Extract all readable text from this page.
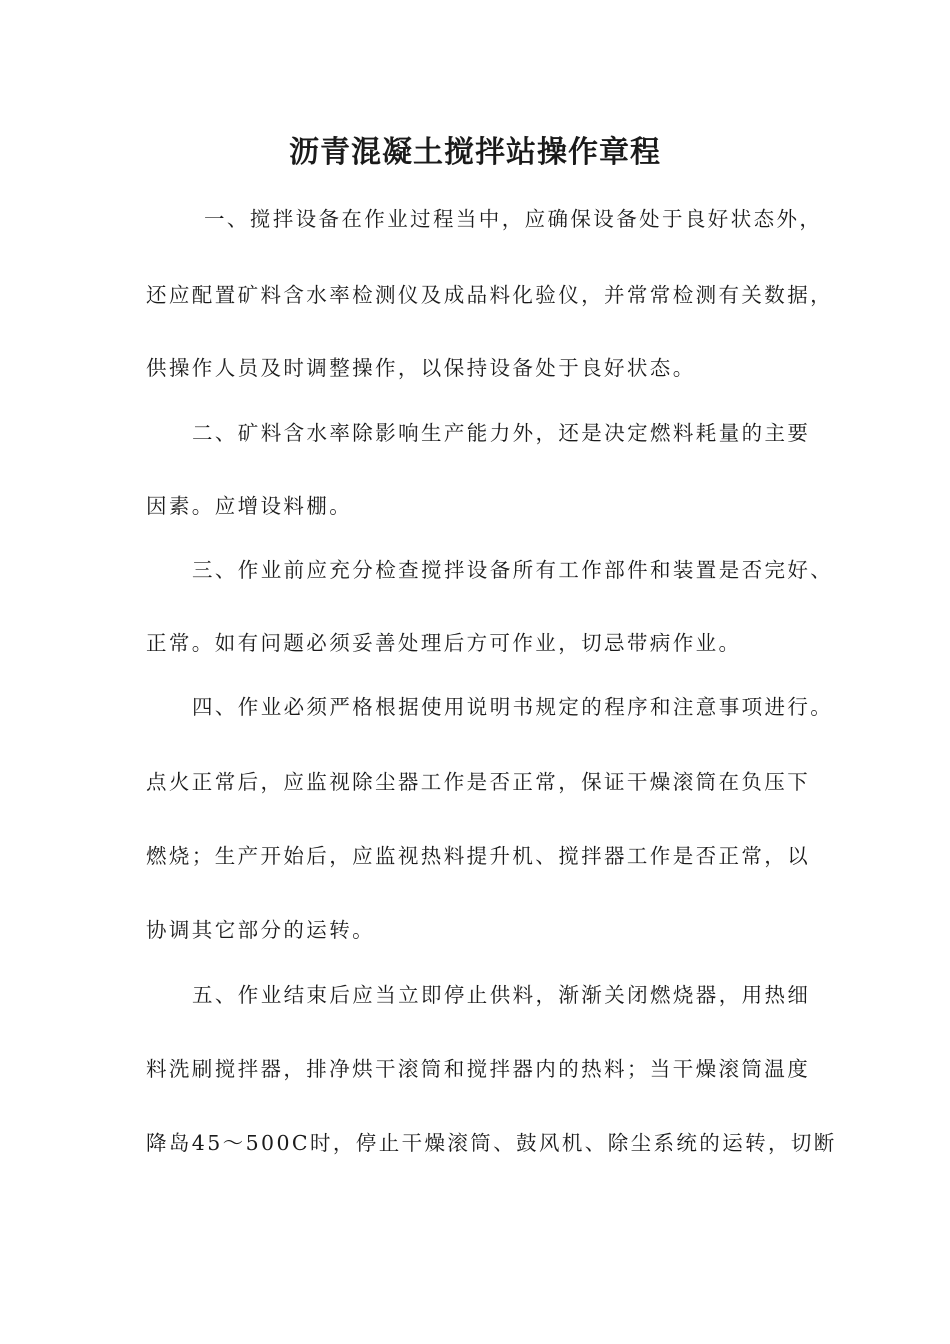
沥青混凝土搅拌站操作章程

一、搅拌设备在作业过程当中，应确保设备处于良好状态外，

还应配置矿料含水率检测仪及成品料化验仪，并常常检测有关数据，

供操作人员及时调整操作，以保持设备处于良好状态。

二、矿料含水率除影响生产能力外，还是决定燃料耗量的主要

因素。应增设料棚。

三、作业前应充分检查搅拌设备所有工作部件和装置是否完好、

正常。如有问题必须妥善处理后方可作业，切忌带病作业。

四、作业必须严格根据使用说明书规定的程序和注意事项进行。

点火正常后，应监视除尘器工作是否正常，保证干燥滚筒在负压下

燃烧；生产开始后，应监视热料提升机、搅拌器工作是否正常，以

协调其它部分的运转。

五、作业结束后应当立即停止供料，渐渐关闭燃烧器，用热细

料洗刷搅拌器，排净烘干滚筒和搅拌器内的热料；当干燥滚筒温度

降岛45～500C时，停止干燥滚筒、鼓风机、除尘系统的运转，切断
